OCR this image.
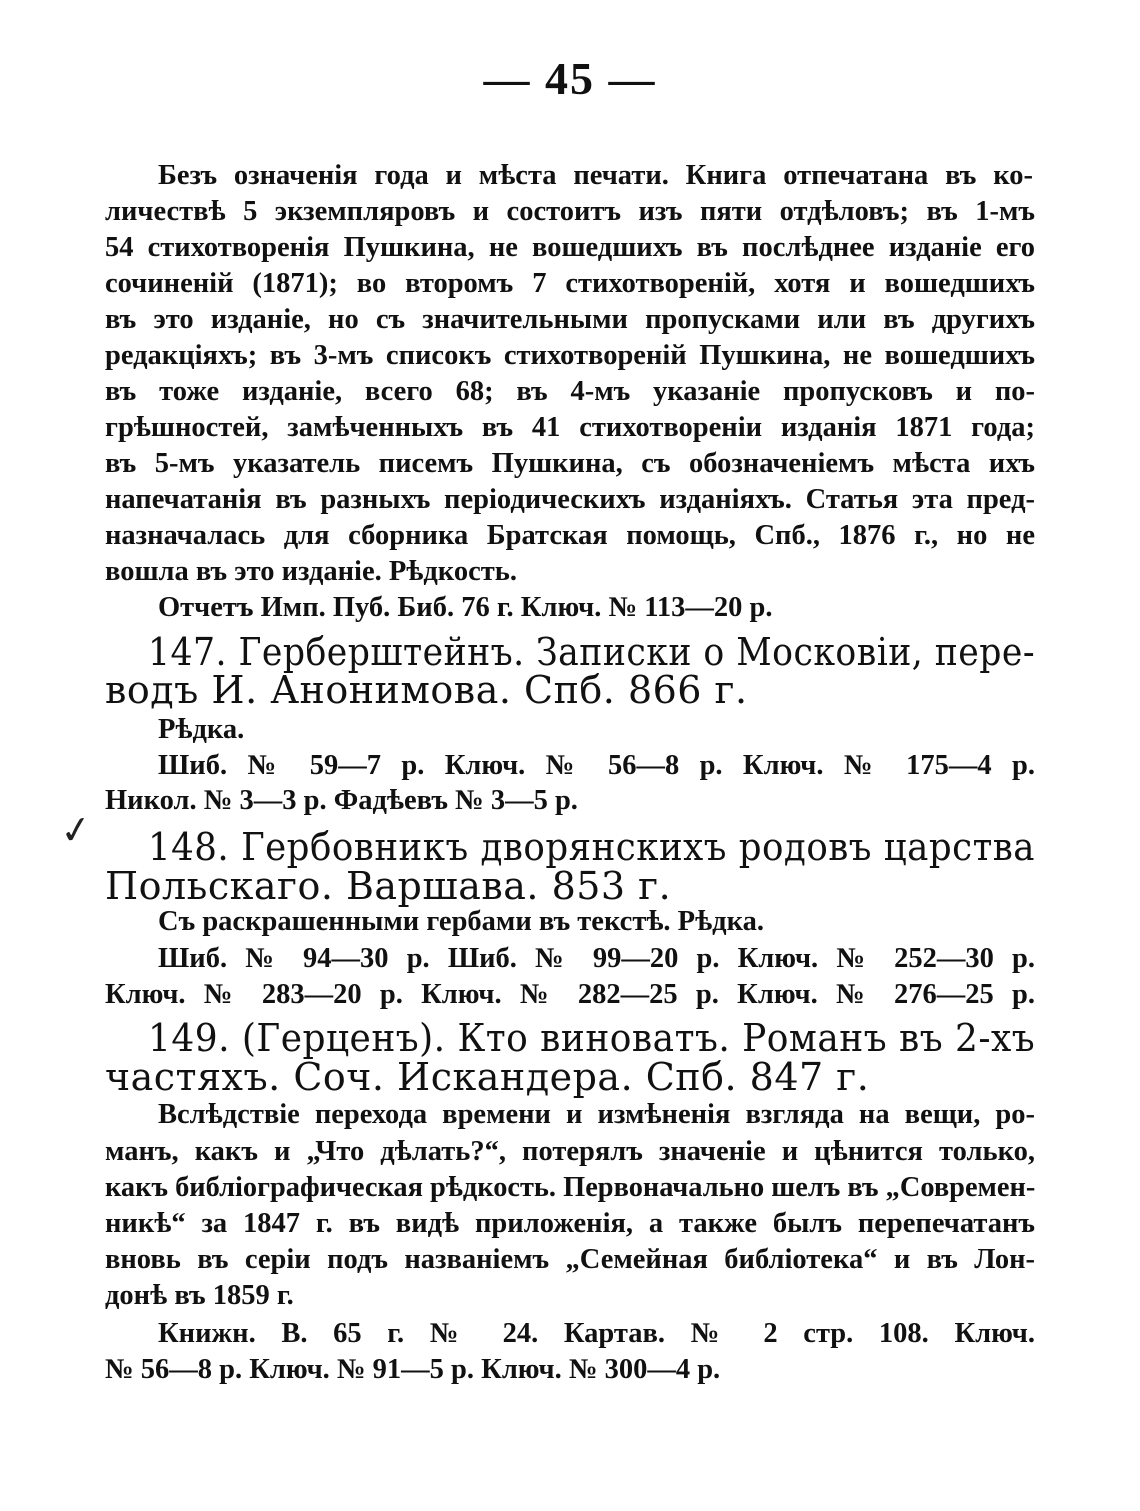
— 45 —
✓
Безъ означенія года и мѣста печати. Книга отпечатана въ ко-
личествѣ 5 экземпляровъ и состоитъ изъ пяти отдѣловъ; въ 1-мъ
54 стихотворенія Пушкина, не вошедшихъ въ послѣднее изданіе его
сочиненій (1871); во второмъ 7 стихотвореній, хотя и вошедшихъ
въ это изданіе, но съ значительными пропусками или въ другихъ
редакціяхъ; въ 3-мъ списокъ стихотвореній Пушкина, не вошедшихъ
въ тоже изданіе, всего 68; въ 4-мъ указаніе пропусковъ и по-
грѣшностей, замѣченныхъ въ 41 стихотвореніи изданія 1871 года;
въ 5-мъ указатель писемъ Пушкина, съ обозначеніемъ мѣста ихъ
напечатанія въ разныхъ періодическихъ изданіяхъ. Статья эта пред-
назначалась для сборника Братская помощь, Спб., 1876 г., но не
вошла въ это изданіе. Рѣдкость.
Отчетъ Имп. Пуб. Биб. 76 г. Ключ. № 113—20 р.
147. Герберштейнъ. Записки о Московіи, пере-
водъ И. Анонимова. Спб. 866 г.
Рѣдка.
Шиб. № 59—7 р. Ключ. № 56—8 р. Ключ. № 175—4 р.
Никол. № 3—3 р. Фадѣевъ № 3—5 р.
148. Гербовникъ дворянскихъ родовъ царства
Польскаго. Варшава. 853 г.
Съ раскрашенными гербами въ текстѣ. Рѣдка.
Шиб. № 94—30 р. Шиб. № 99—20 р. Ключ. № 252—30 р.
Ключ. № 283—20 р. Ключ. № 282—25 р. Ключ. № 276—25 р.
149. (Герценъ). Кто виноватъ. Романъ въ 2-хъ
частяхъ. Соч. Искандера. Спб. 847 г.
Вслѣдствіе перехода времени и измѣненія взгляда на вещи, ро-
манъ, какъ и „Что дѣлать?“, потерялъ значеніе и цѣнится только,
какъ библіографическая рѣдкость. Первоначально шелъ въ „Современ-
никѣ“ за 1847 г. въ видѣ приложенія, а также былъ перепечатанъ
вновь въ серіи подъ названіемъ „Семейная библіотека“ и въ Лон-
донѣ въ 1859 г.
Книжн. В. 65 г. № 24. Картав. № 2 стр. 108. Ключ.
№ 56—8 р. Ключ. № 91—5 р. Ключ. № 300—4 р.
